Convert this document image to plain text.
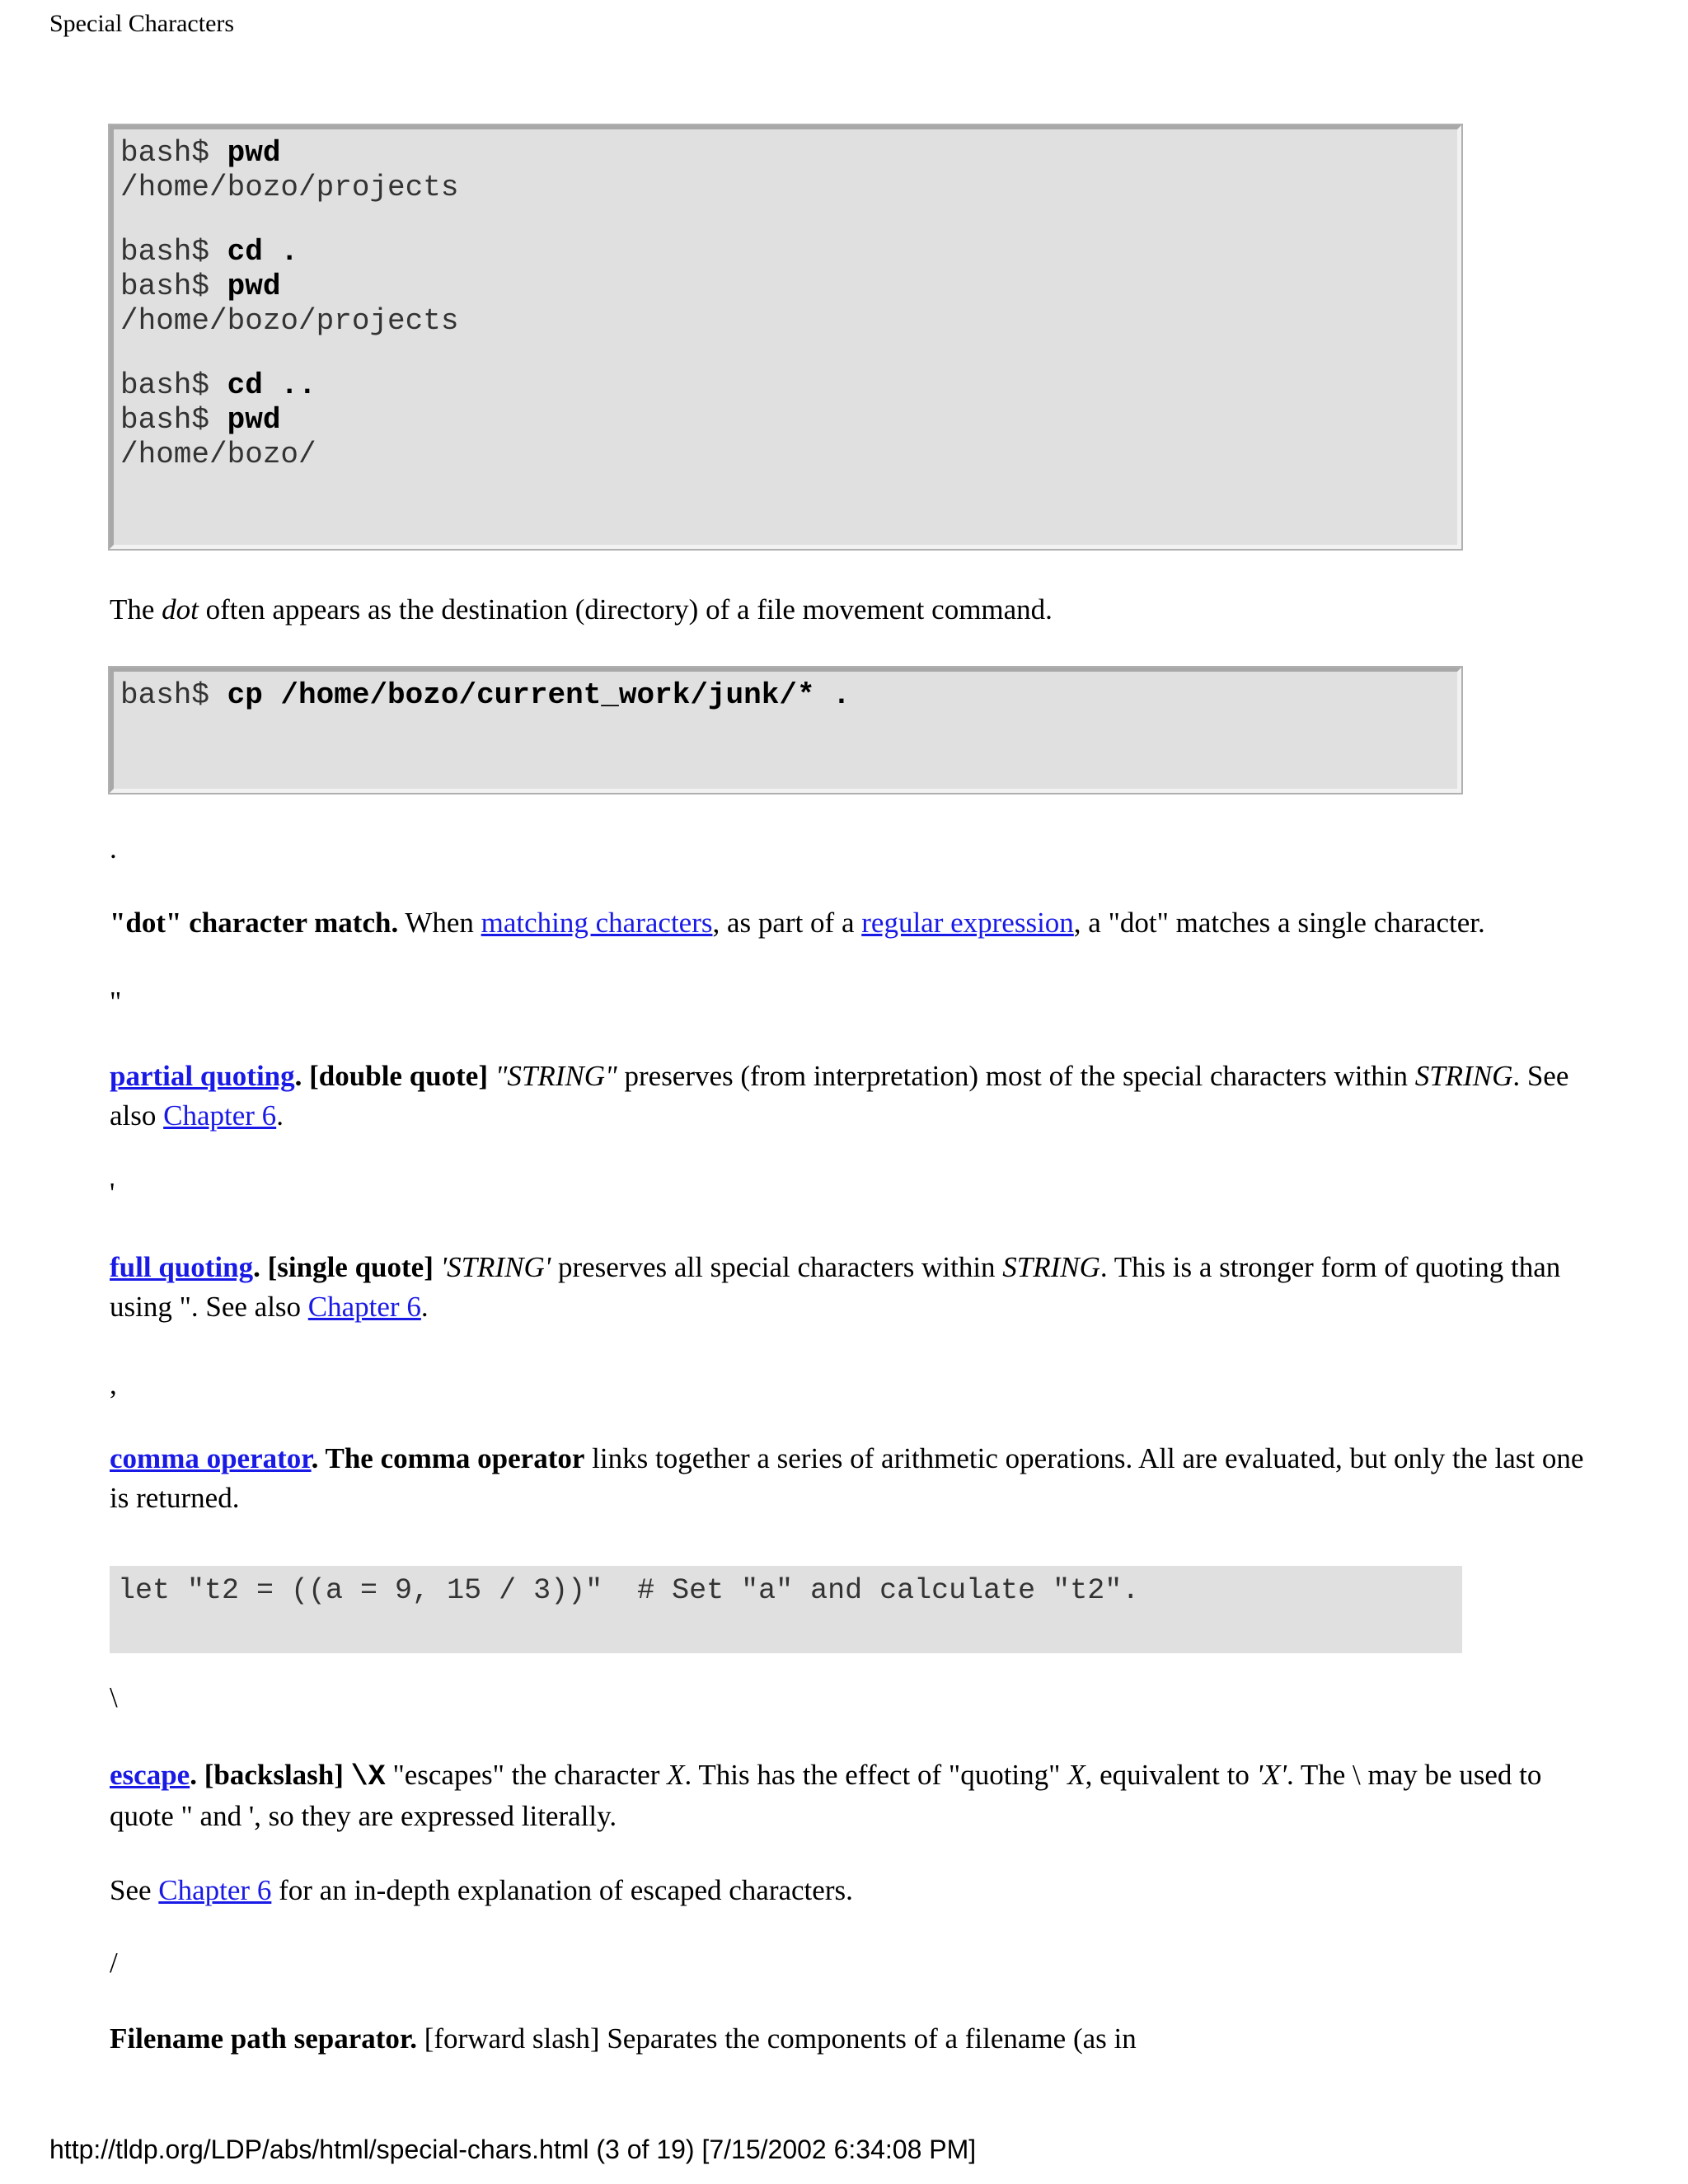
Special Characters
bash$ pwd
/home/bozo/projects
bash$ cd .
bash$ pwd
/home/bozo/projects
bash$ cd ..
bash$ pwd
/home/bozo/
The dot often appears as the destination (directory) of a file movement command.
bash$ cp /home/bozo/current_work/junk/* .
.
"dot" character match. When matching characters, as part of a regular expression, a "dot" matches a single character.
"
partial quoting. [double quote] "STRING" preserves (from interpretation) most of the special characters within STRING. See also Chapter 6.
'
full quoting. [single quote] 'STRING' preserves all special characters within STRING. This is a stronger form of quoting than using ". See also Chapter 6.
,
comma operator. The comma operator links together a series of arithmetic operations. All are evaluated, but only the last one is returned.
let "t2 = ((a = 9, 15 / 3))"  # Set "a" and calculate "t2".
\
escape. [backslash] \X "escapes" the character X. This has the effect of "quoting" X, equivalent to 'X'. The \ may be used to quote " and ', so they are expressed literally.
See Chapter 6 for an in-depth explanation of escaped characters.
/
Filename path separator. [forward slash] Separates the components of a filename (as in
http://tldp.org/LDP/abs/html/special-chars.html (3 of 19) [7/15/2002 6:34:08 PM]
